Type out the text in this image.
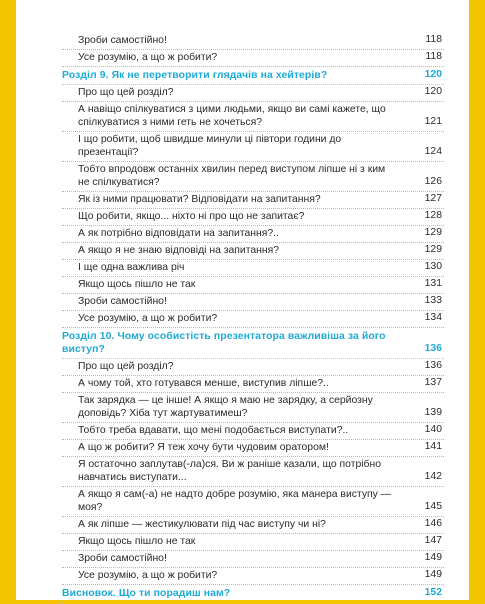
Зроби самостійно!	118
Усе розумію, а що ж робити?	118
Розділ 9. Як не перетворити глядачів на хейтерів?	120
Про що цей розділ?	120
А навіщо спілкуватися з цими людьми, якщо ви самі кажете, що спілкуватися з ними геть не хочеться?	121
І що робити, щоб швидше минули ці півтори години до презентації?	124
Тобто впродовж останніх хвилин перед виступом ліпше ні з ким не спілкуватися?	126
Як із ними працювати? Відповідати на запитання?	127
Що робити, якщо... ніхто ні про що не запитає?	128
А як потрібно відповідати на запитання?..	129
А якщо я не знаю відповіді на запитання?	129
І ще одна важлива річ	130
Якщо щось пішло не так	131
Зроби самостійно!	133
Усе розумію, а що ж робити?	134
Розділ 10. Чому особистість презентатора важливіша за його виступ?	136
Про що цей розділ?	136
А чому той, хто готувався менше, виступив ліпше?..	137
Так зарядка — це інше! А якщо я маю не зарядку, а серйозну доповідь? Хіба тут жартуватимеш?	139
Тобто треба вдавати, що мені подобається виступати?..	140
А що ж робити? Я теж хочу бути чудовим оратором!	141
Я остаточно заплутав(-ла)ся. Ви ж раніше казали, що потрібно навчатись виступати...	142
А якщо я сам(-а) не надто добре розумію, яка манера виступу — моя?	145
А як ліпше — жестикулювати під час виступу чи ні?	146
Якщо щось пішло не так	147
Зроби самостійно!	149
Усе розумію, а що ж робити?	149
Висновок. Що ти порадиш нам?	152
